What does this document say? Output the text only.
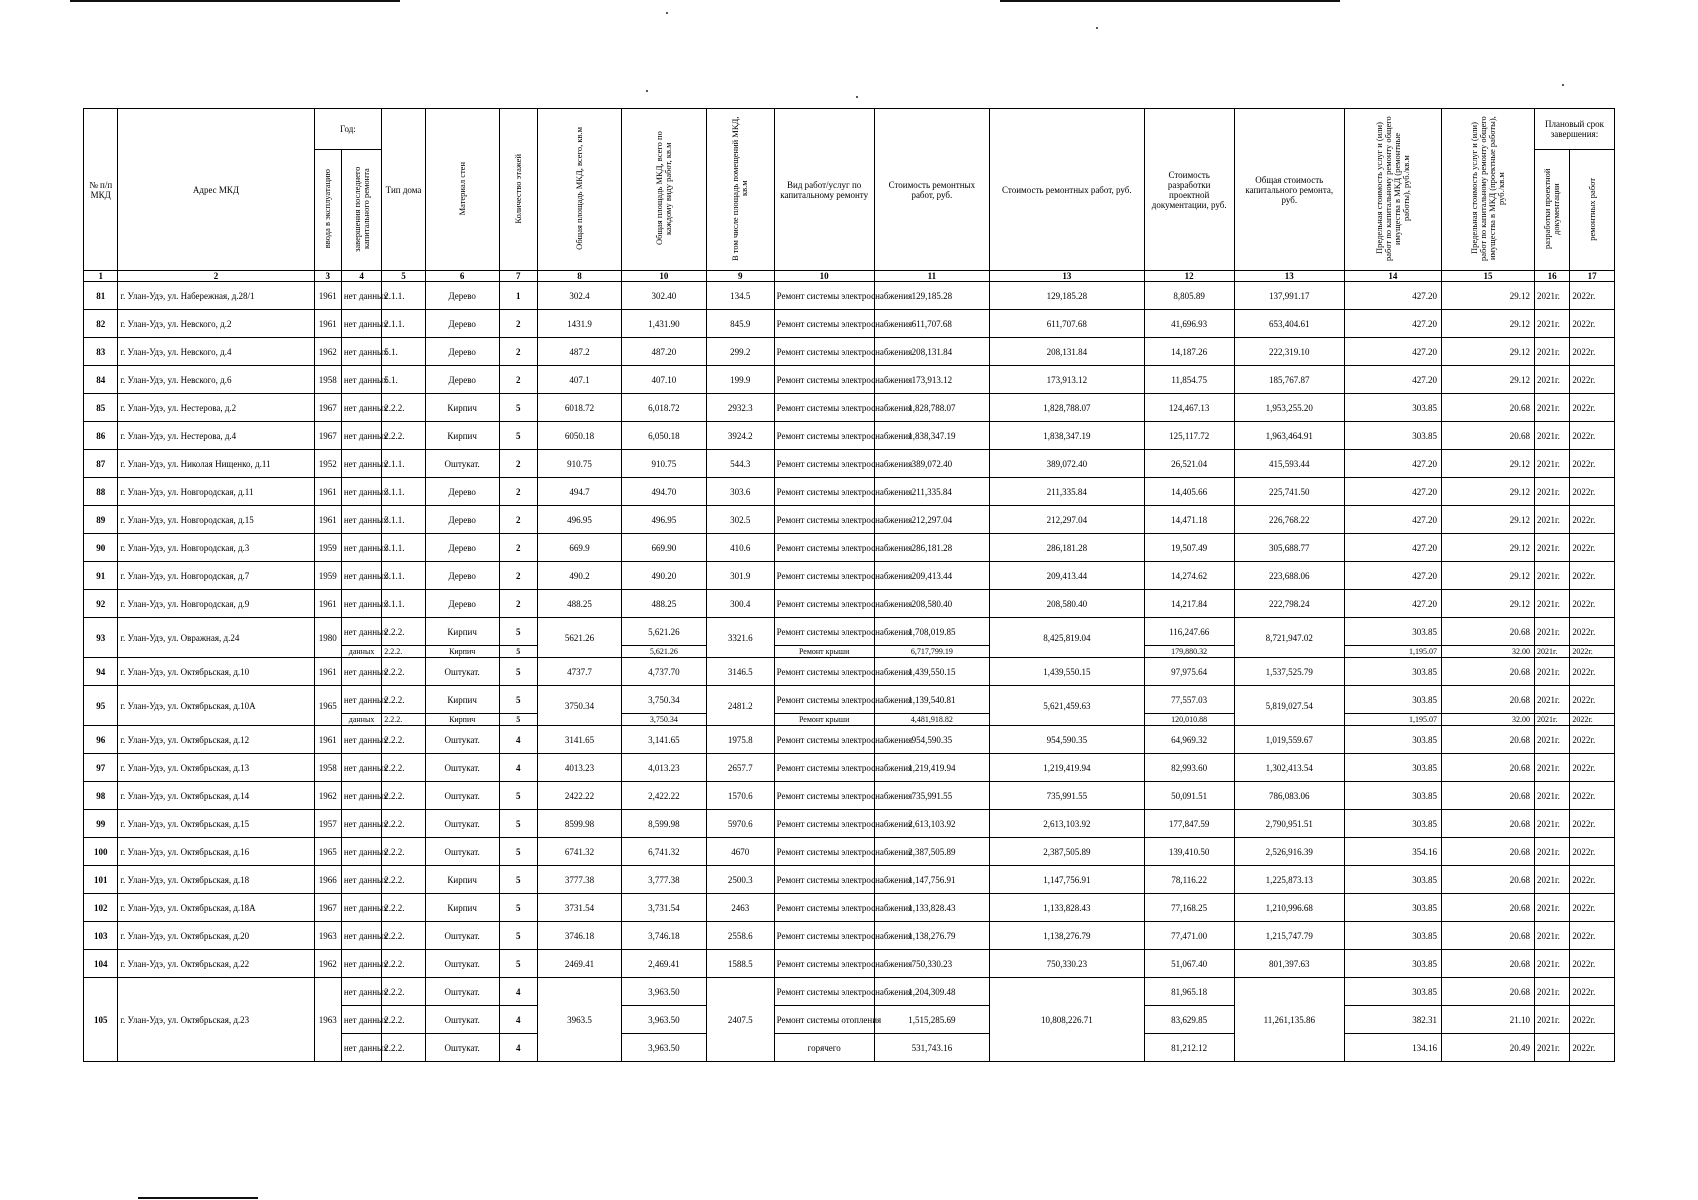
№ п/п МКД	Адрес МКД	Год:		Тип дома	Материал стен	Количество этажей	Общая площадь МКД, всего, кв.м	Общая площадь МКД, всего по каждому виду работ, кв.м	В том числе площадь помещений МКД, кв.м	Вид работ/услуг по капитальному ремонту	Стоимость ремонтных работ, руб.	Стоимость ремонтных работ, руб.	Стоимость разработки проектной документации, руб.	Общая стоимость капитального ремонта, руб.	Предельная стоимость услуг и (или) работ по капитальному ремонту общего имущества в МКД (ремонтные работы), руб./кв.м	Предельная стоимость услуг и (или) работ по капитальному ремонту общего имущества в МКД (проектные работы), руб./кв.м	Плановый срок завершения:	
		ввода в эксплуатацию	завершения последнего капитального ремонта														разработки проектной документации	ремонтных работ
1	2	3	4	5	6	7	8	10	9	10	11	13	12	13	14	15	16	17
81	г. Улан-Удэ, ул. Набережная, д.28/1	1961	нет данных	2.1.1.	Дерево	1	302.4	302.40	134.5	Ремонт системы электроснабжения	129,185.28	129,185.28	8,805.89	137,991.17	427.20	29.12	2021г.	2022г.
82	г. Улан-Удэ, ул. Невского, д.2	1961	нет данных	2.1.1.	Дерево	2	1431.9	1,431.90	845.9	Ремонт системы электроснабжения	611,707.68	611,707.68	41,696.93	653,404.61	427.20	29.12	2021г.	2022г.
83	г. Улан-Удэ, ул. Невского, д.4	1962	нет данных	5.1.	Дерево	2	487.2	487.20	299.2	Ремонт системы электроснабжения	208,131.84	208,131.84	14,187.26	222,319.10	427.20	29.12	2021г.	2022г.
84	г. Улан-Удэ, ул. Невского, д.6	1958	нет данных	5.1.	Дерево	2	407.1	407.10	199.9	Ремонт системы электроснабжения	173,913.12	173,913.12	11,854.75	185,767.87	427.20	29.12	2021г.	2022г.
85	г. Улан-Удэ, ул. Нестерова, д.2	1967	нет данных	2.2.2.	Кирпич	5	6018.72	6,018.72	2932.3	Ремонт системы электроснабжения	1,828,788.07	1,828,788.07	124,467.13	1,953,255.20	303.85	20.68	2021г.	2022г.
86	г. Улан-Удэ, ул. Нестерова, д.4	1967	нет данных	2.2.2.	Кирпич	5	6050.18	6,050.18	3924.2	Ремонт системы электроснабжения	1,838,347.19	1,838,347.19	125,117.72	1,963,464.91	303.85	20.68	2021г.	2022г.
87	г. Улан-Удэ, ул. Николая Нищенко, д.11	1952	нет данных	2.1.1.	Оштукат.	2	910.75	910.75	544.3	Ремонт системы электроснабжения	389,072.40	389,072.40	26,521.04	415,593.44	427.20	29.12	2021г.	2022г.
88	г. Улан-Удэ, ул. Новгородская, д.11	1961	нет данных	3.1.1.	Дерево	2	494.7	494.70	303.6	Ремонт системы электроснабжения	211,335.84	211,335.84	14,405.66	225,741.50	427.20	29.12	2021г.	2022г.
89	г. Улан-Удэ, ул. Новгородская, д.15	1961	нет данных	3.1.1.	Дерево	2	496.95	496.95	302.5	Ремонт системы электроснабжения	212,297.04	212,297.04	14,471.18	226,768.22	427.20	29.12	2021г.	2022г.
90	г. Улан-Удэ, ул. Новгородская, д.3	1959	нет данных	3.1.1.	Дерево	2	669.9	669.90	410.6	Ремонт системы электроснабжения	286,181.28	286,181.28	19,507.49	305,688.77	427.20	29.12	2021г.	2022г.
91	г. Улан-Удэ, ул. Новгородская, д.7	1959	нет данных	3.1.1.	Дерево	2	490.2	490.20	301.9	Ремонт системы электроснабжения	209,413.44	209,413.44	14,274.62	223,688.06	427.20	29.12	2021г.	2022г.
92	г. Улан-Удэ, ул. Новгородская, д.9	1961	нет данных	3.1.1.	Дерево	2	488.25	488.25	300.4	Ремонт системы электроснабжения	208,580.40	208,580.40	14,217.84	222,798.24	427.20	29.12	2021г.	2022г.
93	г. Улан-Удэ, ул. Овражная, д.24	1980	нет данных	2.2.2.	Кирпич	5	5621.26	5,621.26	3321.6	Ремонт системы электроснабжения	1,708,019.85	8,425,819.04	116,247.66	8,721,947.02	303.85	20.68	2021г.	2022г.
			данных	2.2.2.	Кирпич	5		5,621.26		Ремонт крыши	6,717,799.19		179,880.32		1,195.07	32.00	2021г.	2022г.
94	г. Улан-Удэ, ул. Октябрьская, д.10	1961	нет данных	2.2.2.	Оштукат.	5	4737.7	4,737.70	3146.5	Ремонт системы электроснабжения	1,439,550.15	1,439,550.15	97,975.64	1,537,525.79	303.85	20.68	2021г.	2022г.
95	г. Улан-Удэ, ул. Октябрьская, д.10А	1965	нет данных	2.2.2.	Кирпич	5	3750.34	3,750.34	2481.2	Ремонт системы электроснабжения	1,139,540.81	5,621,459.63	77,557.03	5,819,027.54	303.85	20.68	2021г.	2022г.
			данных	2.2.2.	Кирпич	5		3,750.34		Ремонт крыши	4,481,918.82		120,010.88		1,195.07	32.00	2021г.	2022г.
96	г. Улан-Удэ, ул. Октябрьская, д.12	1961	нет данных	2.2.2.	Оштукат.	4	3141.65	3,141.65	1975.8	Ремонт системы электроснабжения	954,590.35	954,590.35	64,969.32	1,019,559.67	303.85	20.68	2021г.	2022г.
97	г. Улан-Удэ, ул. Октябрьская, д.13	1958	нет данных	2.2.2.	Оштукат.	4	4013.23	4,013.23	2657.7	Ремонт системы электроснабжения	1,219,419.94	1,219,419.94	82,993.60	1,302,413.54	303.85	20.68	2021г.	2022г.
98	г. Улан-Удэ, ул. Октябрьская, д.14	1962	нет данных	2.2.2.	Оштукат.	5	2422.22	2,422.22	1570.6	Ремонт системы электроснабжения	735,991.55	735,991.55	50,091.51	786,083.06	303.85	20.68	2021г.	2022г.
99	г. Улан-Удэ, ул. Октябрьская, д.15	1957	нет данных	2.2.2.	Оштукат.	5	8599.98	8,599.98	5970.6	Ремонт системы электроснабжения	2,613,103.92	2,613,103.92	177,847.59	2,790,951.51	303.85	20.68	2021г.	2022г.
100	г. Улан-Удэ, ул. Октябрьская, д.16	1965	нет данных	2.2.2.	Оштукат.	5	6741.32	6,741.32	4670	Ремонт системы электроснабжения	2,387,505.89	2,387,505.89	139,410.50	2,526,916.39	354.16	20.68	2021г.	2022г.
101	г. Улан-Удэ, ул. Октябрьская, д.18	1966	нет данных	2.2.2.	Кирпич	5	3777.38	3,777.38	2500.3	Ремонт системы электроснабжения	1,147,756.91	1,147,756.91	78,116.22	1,225,873.13	303.85	20.68	2021г.	2022г.
102	г. Улан-Удэ, ул. Октябрьская, д.18А	1967	нет данных	2.2.2.	Кирпич	5	3731.54	3,731.54	2463	Ремонт системы электроснабжения	1,133,828.43	1,133,828.43	77,168.25	1,210,996.68	303.85	20.68	2021г.	2022г.
103	г. Улан-Удэ, ул. Октябрьская, д.20	1963	нет данных	2.2.2.	Оштукат.	5	3746.18	3,746.18	2558.6	Ремонт системы электроснабжения	1,138,276.79	1,138,276.79	77,471.00	1,215,747.79	303.85	20.68	2021г.	2022г.
104	г. Улан-Удэ, ул. Октябрьская, д.22	1962	нет данных	2.2.2.	Оштукат.	5	2469.41	2,469.41	1588.5	Ремонт системы электроснабжения	750,330.23	750,330.23	51,067.40	801,397.63	303.85	20.68	2021г.	2022г.
105	г. Улан-Удэ, ул. Октябрьская, д.23	1963	нет данных	2.2.2.	Оштукат.	4	3963.5	3,963.50	2407.5	Ремонт системы электроснабжения	1,204,309.48	10,808,226.71	81,965.18	11,261,135.86	303.85	20.68	2021г.	2022г.
			нет данных	2.2.2.	Оштукат.	4		3,963.50		Ремонт системы отопления	1,515,285.69		83,629.85		382.31	21.10	2021г.	2022г.
			нет данных	2.2.2.	Оштукат.	4		3,963.50		горячего	531,743.16		81,212.12		134.16	20.49	2021г.	2022г.
